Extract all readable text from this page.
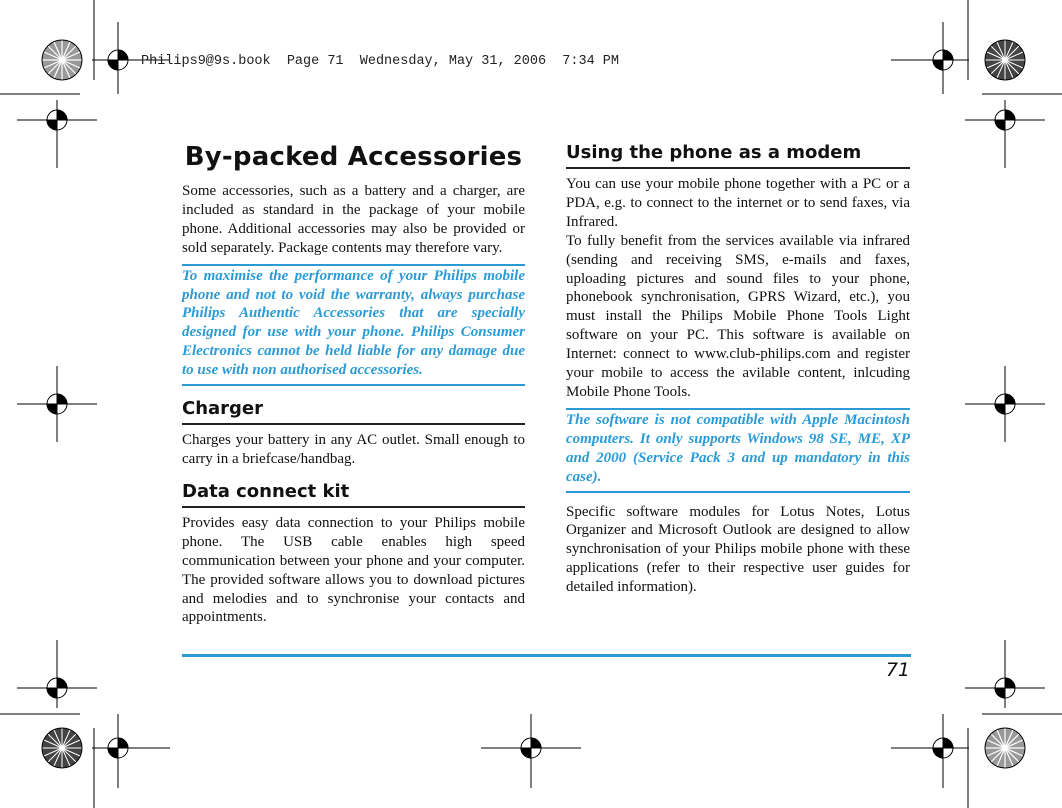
Philips9@9s.book  Page 71  Wednesday, May 31, 2006  7:34 PM
By-packed Accessories

Some accessories, such as a battery and a charger, are included as standard in the package of your mobile phone. Additional accessories may also be provided or sold separately. Package contents may therefore vary.

To maximise the performance of your Philips mobile phone and not to void the warranty, always purchase Philips Authentic Accessories that are specially designed for use with your phone. Philips Consumer Electronics cannot be held liable for any damage due to use with non authorised accessories.
Charger

Charges your battery in any AC outlet. Small enough to carry in a briefcase/handbag.

Data connect kit

Provides easy data connection to your Philips mobile phone. The USB cable enables high speed communication between your phone and your computer. The provided software allows you to download pictures and melodies and to synchronise your contacts and appointments.

Using the phone as a modem

You can use your mobile phone together with a PC or a PDA, e.g. to connect to the internet or to send faxes, via Infrared.

To fully benefit from the services available via infrared (sending and receiving SMS, e-mails and faxes, uploading pictures and sound files to your phone, phonebook synchronisation, GPRS Wizard, etc.), you must install the Philips Mobile Phone Tools Light software on your PC. This software is available on Internet: connect to www.club-philips.com and register your mobile to access the avilable content, inlcuding Mobile Phone Tools.

The software is not compatible with Apple Macintosh computers. It only supports Windows 98 SE, ME, XP and 2000 (Service Pack 3 and up mandatory in this case).

Specific software modules for Lotus Notes, Lotus Organizer and Microsoft Outlook are designed to allow synchronisation of your Philips mobile phone with these applications (refer to their respective user guides for detailed information).

71
